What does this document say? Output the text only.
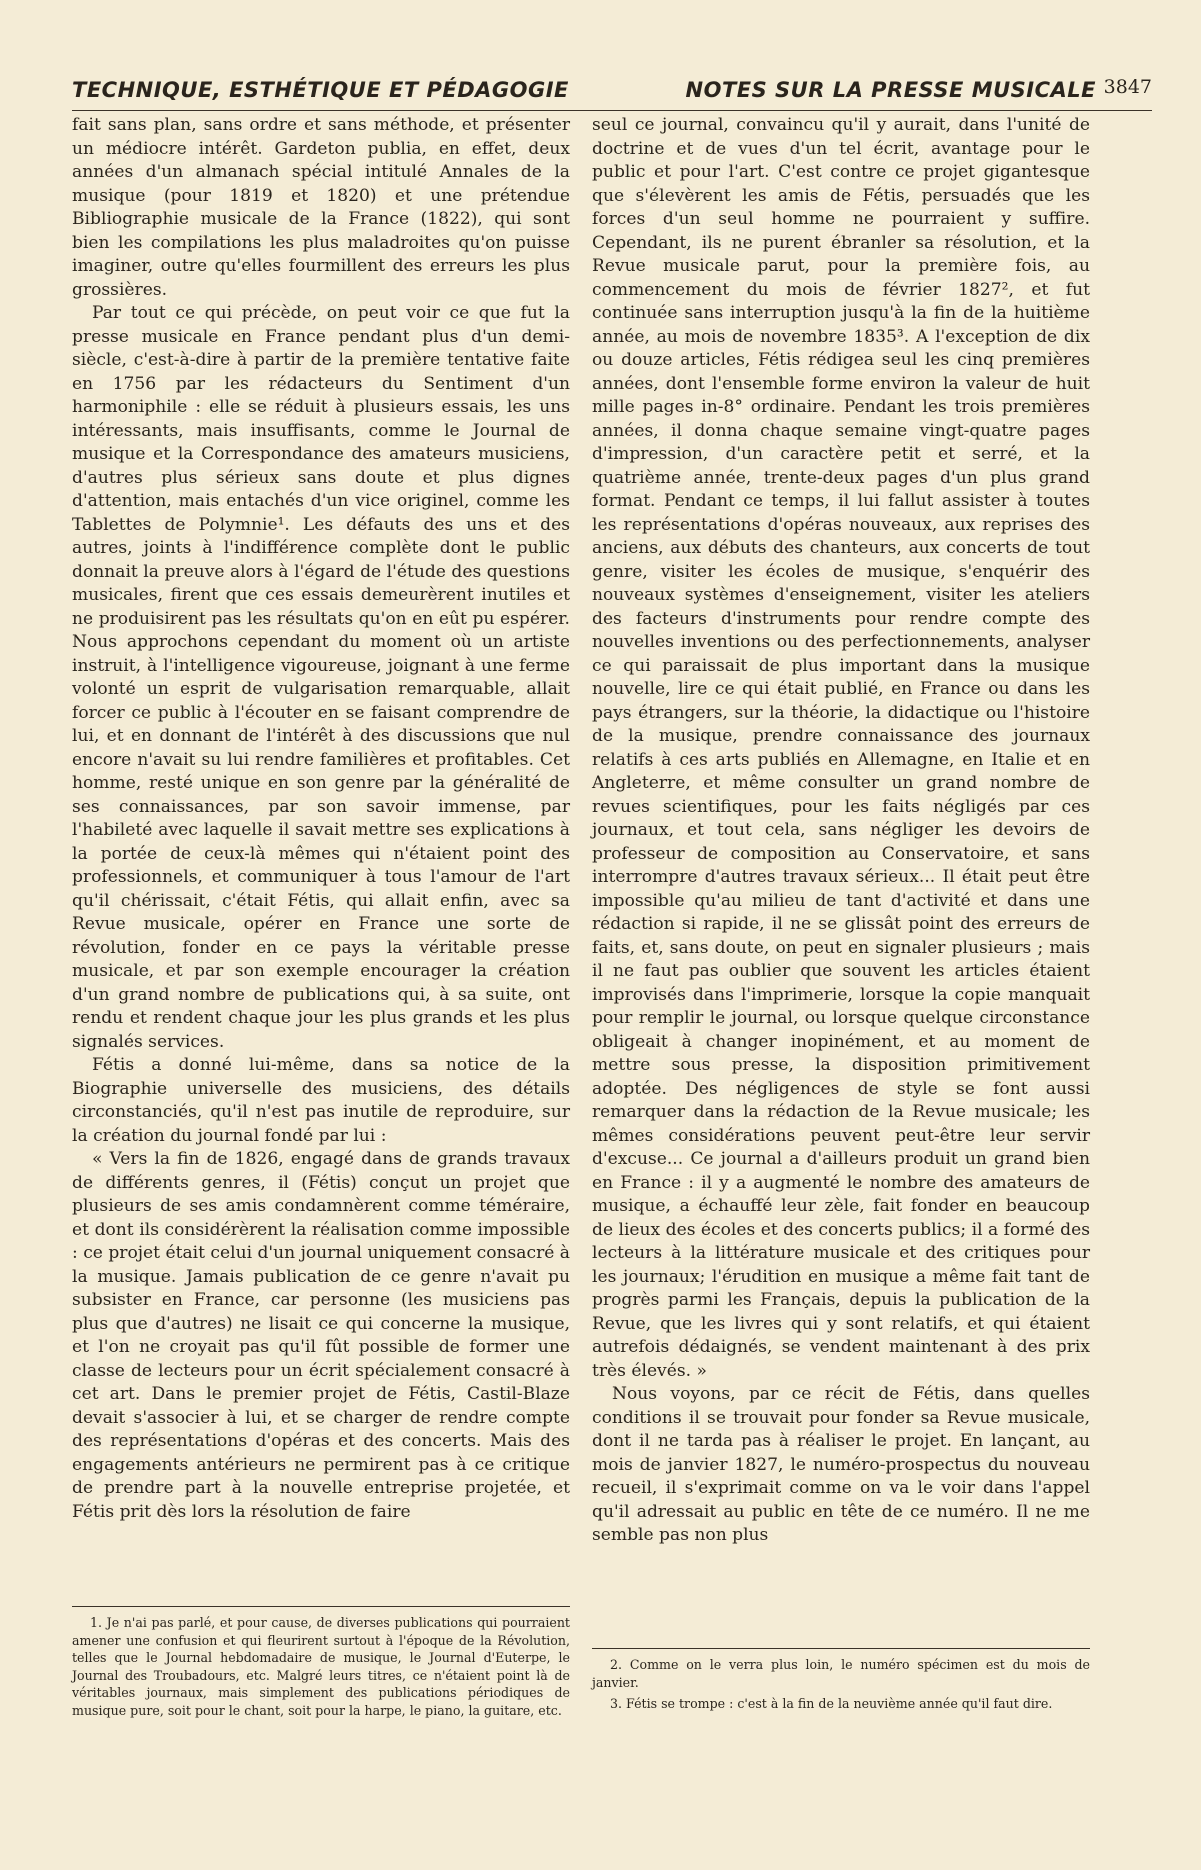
TECHNIQUE, ESTHÉTIQUE ET PÉDAGOGIE	NOTES SUR LA PRESSE MUSICALE 3847

fait sans plan, sans ordre et sans méthode, et présenter un médiocre intérêt. Gardeton publia, en effet, deux années d'un almanach spécial intitulé Annales de la musique (pour 1819 et 1820) et une prétendue Bibliographie musicale de la France (1822), qui sont bien les compilations les plus maladroites qu'on puisse imaginer, outre qu'elles fourmillent des erreurs les plus grossières.

Par tout ce qui précède, on peut voir ce que fut la presse musicale en France pendant plus d'un demi-siècle, c'est-à-dire à partir de la première tentative faite en 1756 par les rédacteurs du Sentiment d'un harmoniphile : elle se réduit à plusieurs essais, les uns intéressants, mais insuffisants, comme le Journal de musique et la Correspondance des amateurs musiciens, d'autres plus sérieux sans doute et plus dignes d'attention, mais entachés d'un vice originel, comme les Tablettes de Polymnie¹. Les défauts des uns et des autres, joints à l'indifférence complète dont le public donnait la preuve alors à l'égard de l'étude des questions musicales, firent que ces essais demeurèrent inutiles et ne produisirent pas les résultats qu'on en eût pu espérer. Nous approchons cependant du moment où un artiste instruit, à l'intelligence vigoureuse, joignant à une ferme volonté un esprit de vulgarisation remarquable, allait forcer ce public à l'écouter en se faisant comprendre de lui, et en donnant de l'intérêt à des discussions que nul encore n'avait su lui rendre familières et profitables. Cet homme, resté unique en son genre par la généralité de ses connaissances, par son savoir immense, par l'habileté avec laquelle il savait mettre ses explications à la portée de ceux-là mêmes qui n'étaient point des professionnels, et communiquer à tous l'amour de l'art qu'il chérissait, c'était Fétis, qui allait enfin, avec sa Revue musicale, opérer en France une sorte de révolution, fonder en ce pays la véritable presse musicale, et par son exemple encourager la création d'un grand nombre de publications qui, à sa suite, ont rendu et rendent chaque jour les plus grands et les plus signalés services.

Fétis a donné lui-même, dans sa notice de la Biographie universelle des musiciens, des détails circonstanciés, qu'il n'est pas inutile de reproduire, sur la création du journal fondé par lui :

« Vers la fin de 1826, engagé dans de grands travaux de différents genres, il (Fétis) conçut un projet que plusieurs de ses amis condamnèrent comme téméraire, et dont ils considérèrent la réalisation comme impossible : ce projet était celui d'un journal uniquement consacré à la musique. Jamais publication de ce genre n'avait pu subsister en France, car personne (les musiciens pas plus que d'autres) ne lisait ce qui concerne la musique, et l'on ne croyait pas qu'il fût possible de former une classe de lecteurs pour un écrit spécialement consacré à cet art. Dans le premier projet de Fétis, Castil-Blaze devait s'associer à lui, et se charger de rendre compte des représentations d'opéras et des concerts. Mais des engagements antérieurs ne permirent pas à ce critique de prendre part à la nouvelle entreprise projetée, et Fétis prit dès lors la résolution de faire

seul ce journal, convaincu qu'il y aurait, dans l'unité de doctrine et de vues d'un tel écrit, avantage pour le public et pour l'art. C'est contre ce projet gigantesque que s'élevèrent les amis de Fétis, persuadés que les forces d'un seul homme ne pourraient y suffire. Cependant, ils ne purent ébranler sa résolution, et la Revue musicale parut, pour la première fois, au commencement du mois de février 1827², et fut continuée sans interruption jusqu'à la fin de la huitième année, au mois de novembre 1835³. A l'exception de dix ou douze articles, Fétis rédigea seul les cinq premières années, dont l'ensemble forme environ la valeur de huit mille pages in-8° ordinaire. Pendant les trois premières années, il donna chaque semaine vingt-quatre pages d'impression, d'un caractère petit et serré, et la quatrième année, trente-deux pages d'un plus grand format. Pendant ce temps, il lui fallut assister à toutes les représentations d'opéras nouveaux, aux reprises des anciens, aux débuts des chanteurs, aux concerts de tout genre, visiter les écoles de musique, s'enquérir des nouveaux systèmes d'enseignement, visiter les ateliers des facteurs d'instruments pour rendre compte des nouvelles inventions ou des perfectionnements, analyser ce qui paraissait de plus important dans la musique nouvelle, lire ce qui était publié, en France ou dans les pays étrangers, sur la théorie, la didactique ou l'histoire de la musique, prendre connaissance des journaux relatifs à ces arts publiés en Allemagne, en Italie et en Angleterre, et même consulter un grand nombre de revues scientifiques, pour les faits négligés par ces journaux, et tout cela, sans négliger les devoirs de professeur de composition au Conservatoire, et sans interrompre d'autres travaux sérieux... Il était peut être impossible qu'au milieu de tant d'activité et dans une rédaction si rapide, il ne se glissât point des erreurs de faits, et, sans doute, on peut en signaler plusieurs ; mais il ne faut pas oublier que souvent les articles étaient improvisés dans l'imprimerie, lorsque la copie manquait pour remplir le journal, ou lorsque quelque circonstance obligeait à changer inopinément, et au moment de mettre sous presse, la disposition primitivement adoptée. Des négligences de style se font aussi remarquer dans la rédaction de la Revue musicale; les mêmes considérations peuvent peut-être leur servir d'excuse... Ce journal a d'ailleurs produit un grand bien en France : il y a augmenté le nombre des amateurs de musique, a échauffé leur zèle, fait fonder en beaucoup de lieux des écoles et des concerts publics; il a formé des lecteurs à la littérature musicale et des critiques pour les journaux; l'érudition en musique a même fait tant de progrès parmi les Français, depuis la publication de la Revue, que les livres qui y sont relatifs, et qui étaient autrefois dédaignés, se vendent maintenant à des prix très élevés. »

Nous voyons, par ce récit de Fétis, dans quelles conditions il se trouvait pour fonder sa Revue musicale, dont il ne tarda pas à réaliser le projet. En lançant, au mois de janvier 1827, le numéro-prospectus du nouveau recueil, il s'exprimait comme on va le voir dans l'appel qu'il adressait au public en tête de ce numéro. Il ne me semble pas non plus

1. Je n'ai pas parlé, et pour cause, de diverses publications qui pourraient amener une confusion et qui fleurirent surtout à l'époque de la Révolution, telles que le Journal hebdomadaire de musique, le Journal d'Euterpe, le Journal des Troubadours, etc. Malgré leurs titres, ce n'étaient point là de véritables journaux, mais simplement des publications périodiques de musique pure, soit pour le chant, soit pour la harpe, le piano, la guitare, etc.

2. Comme on le verra plus loin, le numéro spécimen est du mois de janvier.

3. Fétis se trompe : c'est à la fin de la neuvième année qu'il faut dire.
